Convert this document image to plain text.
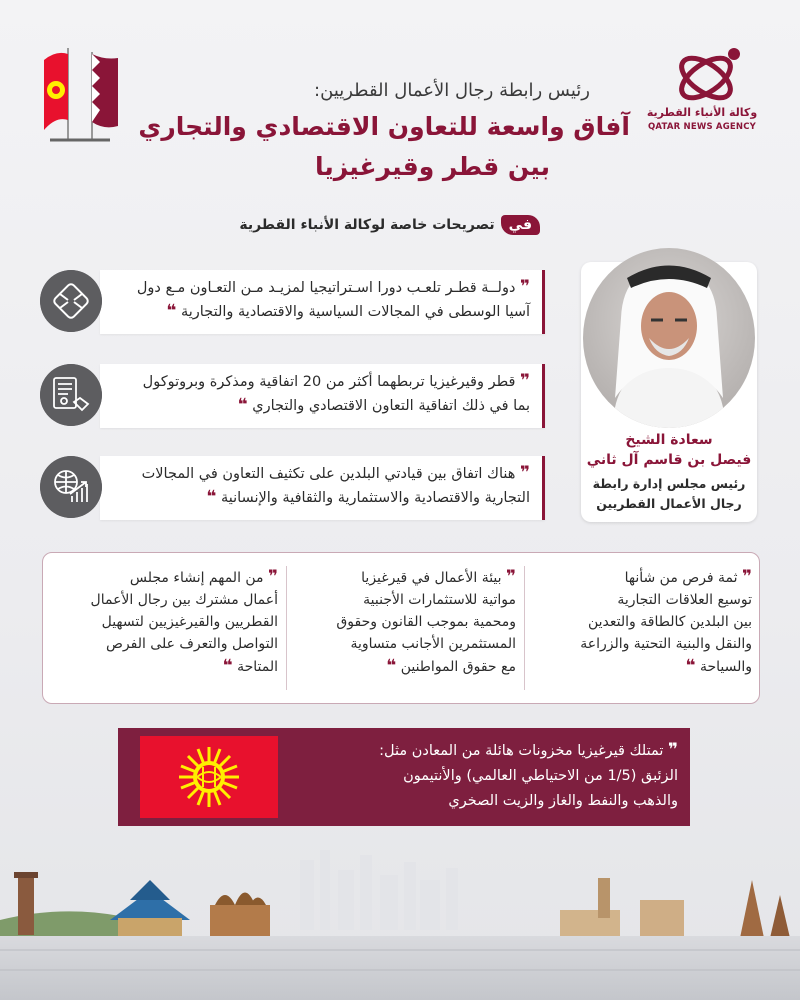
وكالة الأنباء القطرية
QATAR NEWS AGENCY
رئيس رابطة رجال الأعمال القطريين:
آفاق واسعة للتعاون الاقتصادي والتجاري
بين قطر وقيرغيزيا
في
تصريحات خاصة لوكالة الأنباء القطرية
❞ دولــة قطـر تلعـب دورا اسـتراتيجيا لمزيـد مـن التعـاون مـع دول
آسيا الوسطى في المجالات السياسية والاقتصادية والتجارية ❝
❞ قطر وقيرغيزيا تربطهما أكثر من 20 اتفاقية ومذكرة وبروتوكول
بما في ذلك اتفاقية التعاون الاقتصادي والتجاري ❝
❞ هناك اتفاق بين قيادتي البلدين على تكثيف التعاون في المجالات
التجارية والاقتصادية والاستثمارية والثقافية والإنسانية ❝
سعادة الشيخ
فيصل بن قاسم آل ثاني
رئيس مجلس إدارة رابطة
رجال الأعمال القطريين
❞ ثمة فرص من شأنها
توسيع العلاقات التجارية
بين البلدين كالطاقة والتعدين
والنقل والبنية التحتية والزراعة
والسياحة ❝
❞ بيئة الأعمال في قيرغيزيا
مواتية للاستثمارات الأجنبية
ومحمية بموجب القانون وحقوق
المستثمرين الأجانب متساوية
مع حقوق المواطنين ❝
❞ من المهم إنشاء مجلس
أعمال مشترك بين رجال الأعمال
القطريين والقيرغيزيين لتسهيل
التواصل والتعرف على الفرص
المتاحة ❝
❞ تمتلك قيرغيزيا مخزونات هائلة من المعادن مثل:
الزئبق (1/5 من الاحتياطي العالمي) والأنتيمون
والذهب والنفط والغاز والزيت الصخري
